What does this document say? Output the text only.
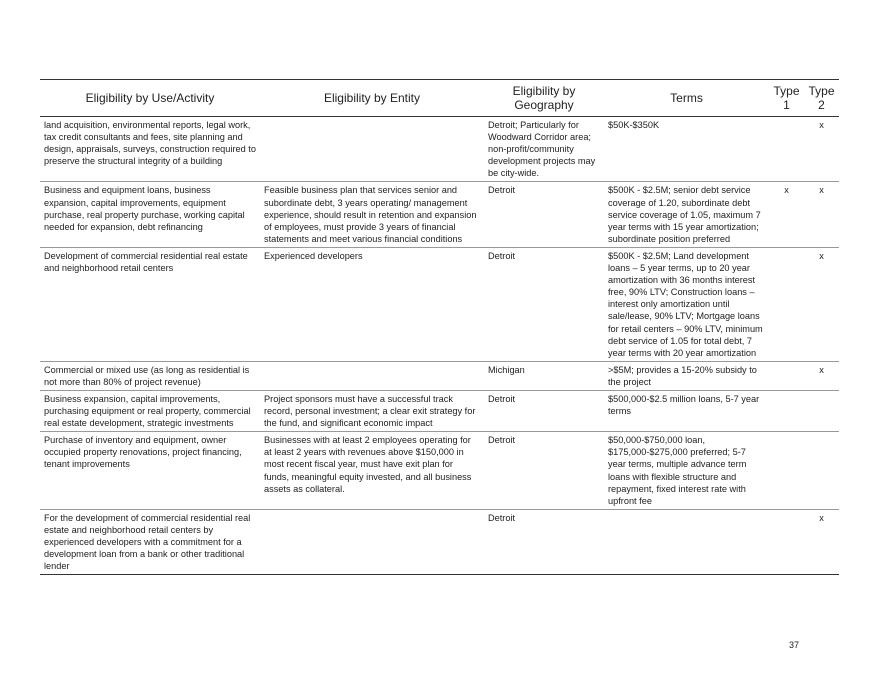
Eligibility by Use/Activity	Eligibility by Entity	Eligibility by Geography	Terms	Type 1	Type 2
land acquisition, environmental reports, legal work, tax credit consultants and fees, site planning and design, appraisals, surveys, construction required to preserve the structural integrity of a building		Detroit; Particularly for Woodward Corridor area; non-profit/community development projects may be city-wide.	$50K-$350K		x
Business and equipment loans, business expansion, capital improvements, equipment purchase, real property purchase, working capital needed for expansion, debt refinancing	Feasible business plan that services senior and subordinate debt, 3 years operating/ management experience, should result in retention and expansion of employees, must provide 3 years of financial statements and meet various financial conditions	Detroit	$500K - $2.5M; senior debt service coverage of 1.20, subordinate debt service coverage of 1.05, maximum 7 year terms with 15 year amortization; subordinate position preferred	x	x
Development of commercial residential real estate and neighborhood retail centers	Experienced developers	Detroit	$500K - $2.5M; Land development loans – 5 year terms, up to 20 year amortization with 36 months interest free, 90% LTV; Construction loans – interest only amortization until sale/lease, 90% LTV; Mortgage loans for retail centers – 90% LTV, minimum debt service of 1.05 for total debt, 7 year terms with 20 year amortization		x
Commercial or mixed use (as long as residential is not more than 80% of project revenue)		Michigan	>$5M; provides a 15-20% subsidy to the project		x
Business expansion, capital improvements, purchasing equipment or real property, commercial real estate development, strategic investments	Project sponsors must have a successful track record, personal investment; a clear exit strategy for the fund, and significant economic impact	Detroit	$500,000-$2.5 million loans, 5-7 year terms		
Purchase of inventory and equipment, owner occupied property renovations, project financing, tenant improvements	Businesses with at least 2 employees operating for at least 2 years with revenues above $150,000 in most recent fiscal year, must have exit plan for funds, meaningful equity invested, and all business assets as collateral.	Detroit	$50,000-$750,000 loan, $175,000-$275,000 preferred; 5-7 year terms, multiple advance term loans with flexible structure and repayment, fixed interest rate with upfront fee		
For the development of commercial residential real estate and neighborhood retail centers by experienced developers with a commitment for a development loan from a bank or other traditional lender		Detroit			x
37
